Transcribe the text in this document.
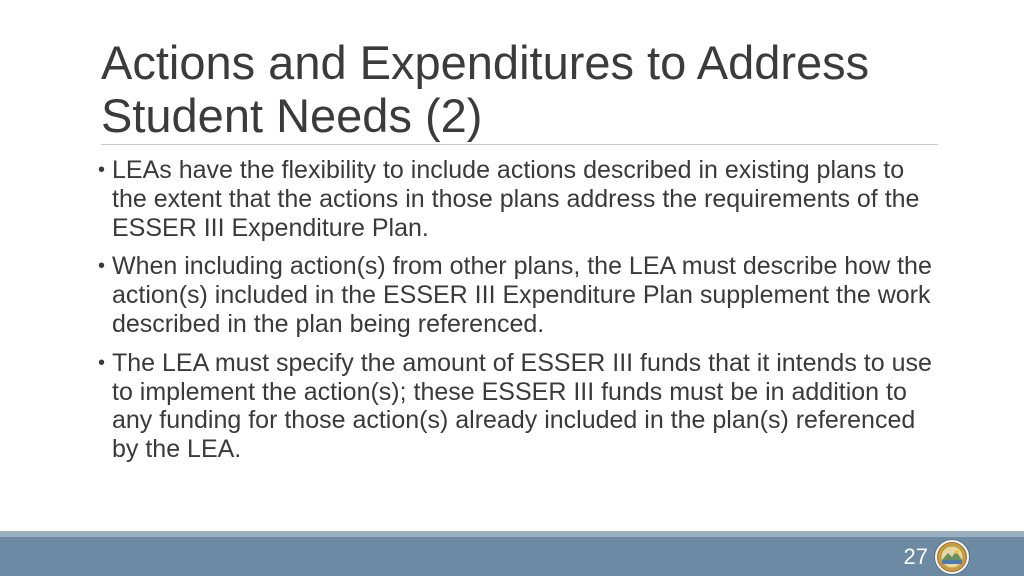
Actions and Expenditures to Address Student Needs (2)
• LEAs have the flexibility to include actions described in existing plans to the extent that the actions in those plans address the requirements of the ESSER III Expenditure Plan.
• When including action(s) from other plans, the LEA must describe how the action(s) included in the ESSER III Expenditure Plan supplement the work described in the plan being referenced.
• The LEA must specify the amount of ESSER III funds that it intends to use to implement the action(s); these ESSER III funds must be in addition to any funding for those action(s) already included in the plan(s) referenced by the LEA.
27
